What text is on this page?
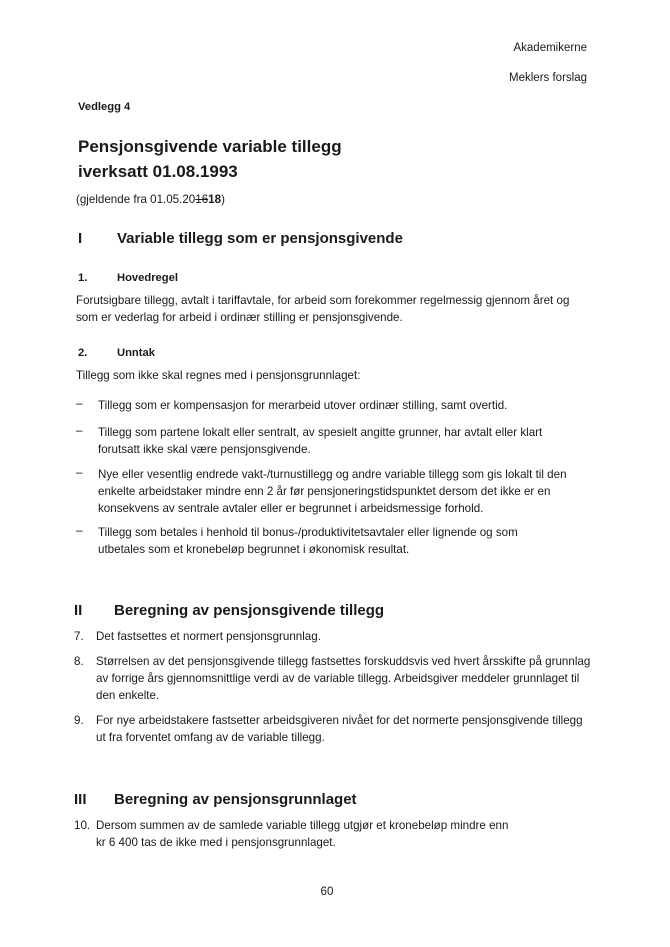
Akademikerne
Meklers forslag
Vedlegg 4
Pensjonsgivende variable tillegg
iverksatt 01.08.1993
(gjeldende fra 01.05.201618)
I Variable tillegg som er pensjonsgivende
1.	Hovedregel
Forutsigbare tillegg, avtalt i tariffavtale, for arbeid som forekommer regelmessig gjennom året og
som er vederlag for arbeid i ordinær stilling er pensjonsgivende.
2.	Unntak
Tillegg som ikke skal regnes med i pensjonsgrunnlaget:
– Tillegg som er kompensasjon for merarbeid utover ordinær stilling, samt overtid.
– Tillegg som partene lokalt eller sentralt, av spesielt angitte grunner, har avtalt eller klart
forutsatt ikke skal være pensjonsgivende.
– Nye eller vesentlig endrede vakt-/turnustillegg og andre variable tillegg som gis lokalt til den
enkelte arbeidstaker mindre enn 2 år før pensjoneringstidspunktet dersom det ikke er en
konsekvens av sentrale avtaler eller er begrunnet i arbeidsmessige forhold.
– Tillegg som betales i henhold til bonus-/produktivitetsavtaler eller lignende og som
utbetales som et kronebeløp begrunnet i økonomisk resultat.
II Beregning av pensjonsgivende tillegg
7. Det fastsettes et normert pensjonsgrunnlag.
8. Størrelsen av det pensjonsgivende tillegg fastsettes forskuddsvis ved hvert årsskifte på grunnlag
av forrige års gjennomsnittlige verdi av de variable tillegg. Arbeidsgiver meddeler grunnlaget til
den enkelte.
9. For nye arbeidstakere fastsetter arbeidsgiveren nivået for det normerte pensjonsgivende tillegg
ut fra forventet omfang av de variable tillegg.
III Beregning av pensjonsgrunnlaget
10. Dersom summen av de samlede variable tillegg utgjør et kronebeløp mindre enn
kr 6 400 tas de ikke med i pensjonsgrunnlaget.
60
